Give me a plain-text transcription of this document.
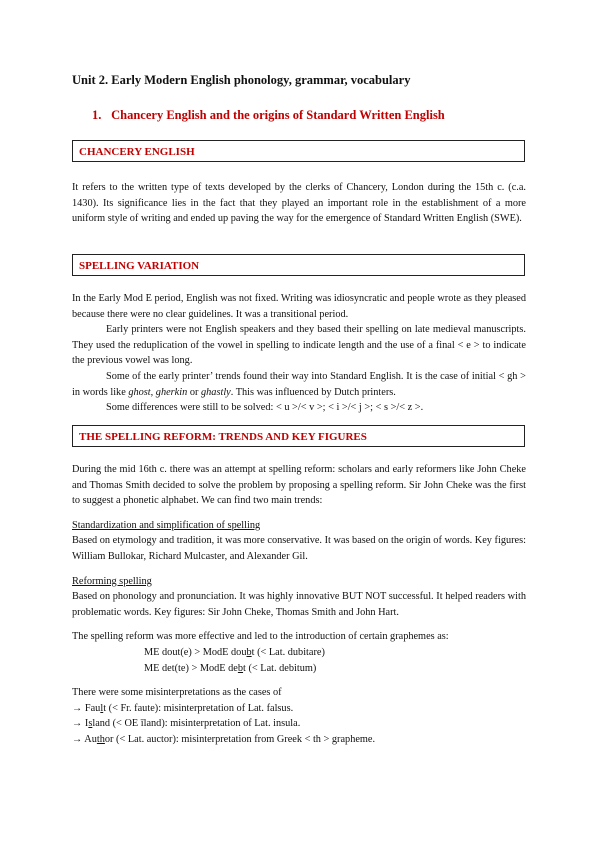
Unit 2. Early Modern English phonology, grammar, vocabulary
1. Chancery English and the origins of Standard Written English
CHANCERY ENGLISH

It refers to the written type of texts developed by the clerks of Chancery, London during the 15th c. (c.a. 1430). Its significance lies in the fact that they played an important role in the establishment of a more uniform style of writing and ended up paving the way for the emergence of Standard Written English (SWE).

SPELLING VARIATION

In the Early Mod E period, English was not fixed. Writing was idiosyncratic and people wrote as they pleased because there were no clear guidelines. It was a transitional period.

Early printers were not English speakers and they based their spelling on late medieval manuscripts. They used the reduplication of the vowel in spelling to indicate length and the use of a final < e > to indicate the previous vowel was long.

Some of the early printer’ trends found their way into Standard English. It is the case of initial < gh > in words like ghost, gherkin or ghastly. This was influenced by Dutch printers.

Some differences were still to be solved: < u >/< v >; < i >/< j >; < s >/< z >.

THE SPELLING REFORM: TRENDS AND KEY FIGURES

During the mid 16th c. there was an attempt at spelling reform: scholars and early reformers like John Cheke and Thomas Smith decided to solve the problem by proposing a spelling reform. Sir John Cheke was the first to suggest a phonetic alphabet. We can find two main trends:

Standardization and simplification of spelling

Based on etymology and tradition, it was more conservative. It was based on the origin of words. Key figures: William Bullokar, Richard Mulcaster, and Alexander Gil.

Reforming spelling

Based on phonology and pronunciation. It was highly innovative BUT NOT successful. It helped readers with problematic words. Key figures: Sir John Cheke, Thomas Smith and John Hart.

The spelling reform was more effective and led to the introduction of certain graphemes as:

ME dout(e) > ModE doubt (< Lat. dubitare)

ME det(te) > ModE debt (< Lat. debitum)

There were some misinterpretations as the cases of

→ Fault (< Fr. faute): misinterpretation of Lat. falsus.

→ Island (< OE īland): misinterpretation of Lat. insula.

→ Author (< Lat. auctor): misinterpretation from Greek < th > grapheme.
